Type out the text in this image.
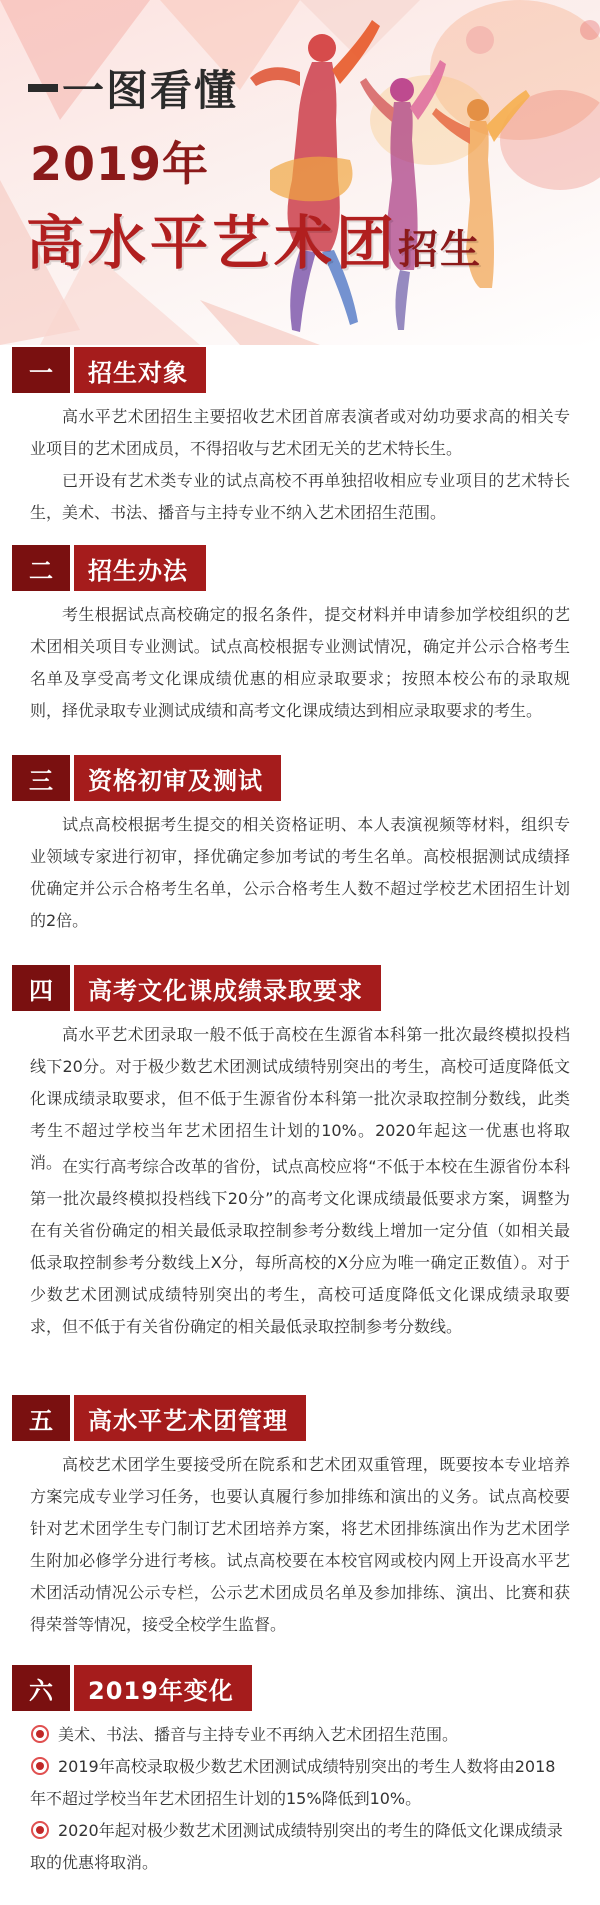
一图看懂
2019年
高水平艺术团招生
一	招生对象
高水平艺术团招生主要招收艺术团首席表演者或对幼功要求高的相关专业项目的艺术团成员，不得招收与艺术团无关的艺术特长生。
已开设有艺术类专业的试点高校不再单独招收相应专业项目的艺术特长生，美术、书法、播音与主持专业不纳入艺术团招生范围。
二	招生办法
考生根据试点高校确定的报名条件，提交材料并申请参加学校组织的艺术团相关项目专业测试。试点高校根据专业测试情况，确定并公示合格考生名单及享受高考文化课成绩优惠的相应录取要求；按照本校公布的录取规则，择优录取专业测试成绩和高考文化课成绩达到相应录取要求的考生。
三	资格初审及测试
试点高校根据考生提交的相关资格证明、本人表演视频等材料，组织专业领域专家进行初审，择优确定参加考试的考生名单。高校根据测试成绩择优确定并公示合格考生名单，公示合格考生人数不超过学校艺术团招生计划的2倍。
四	高考文化课成绩录取要求
高水平艺术团录取一般不低于高校在生源省本科第一批次最终模拟投档线下20分。对于极少数艺术团测试成绩特别突出的考生，高校可适度降低文化课成绩录取要求，但不低于生源省份本科第一批次录取控制分数线，此类考生不超过学校当年艺术团招生计划的10%。2020年起这一优惠也将取消。 在实行高考综合改革的省份，试点高校应将“不低于本校在生源省份本科第一批次最终模拟投档线下20分”的高考文化课成绩最低要求方案，调整为在有关省份确定的相关最低录取控制参考分数线上增加一定分值（如相关最低录取控制参考分数线上X分，每所高校的X分应为唯一确定正数值）。对于少数艺术团测试成绩特别突出的考生，高校可适度降低文化课成绩录取要求，但不低于有关省份确定的相关最低录取控制参考分数线。
五	高水平艺术团管理
高校艺术团学生要接受所在院系和艺术团双重管理，既要按本专业培养方案完成专业学习任务，也要认真履行参加排练和演出的义务。试点高校要针对艺术团学生专门制订艺术团培养方案，将艺术团排练演出作为艺术团学生附加必修学分进行考核。试点高校要在本校官网或校内网上开设高水平艺术团活动情况公示专栏，公示艺术团成员名单及参加排练、演出、比赛和获得荣誉等情况，接受全校学生监督。
六	2019年变化
美术、书法、播音与主持专业不再纳入艺术团招生范围。
2019年高校录取极少数艺术团测试成绩特别突出的考生人数将由2018年不超过学校当年艺术团招生计划的15%降低到10%。
2020年起对极少数艺术团测试成绩特别突出的考生的降低文化课成绩录取的优惠将取消。
